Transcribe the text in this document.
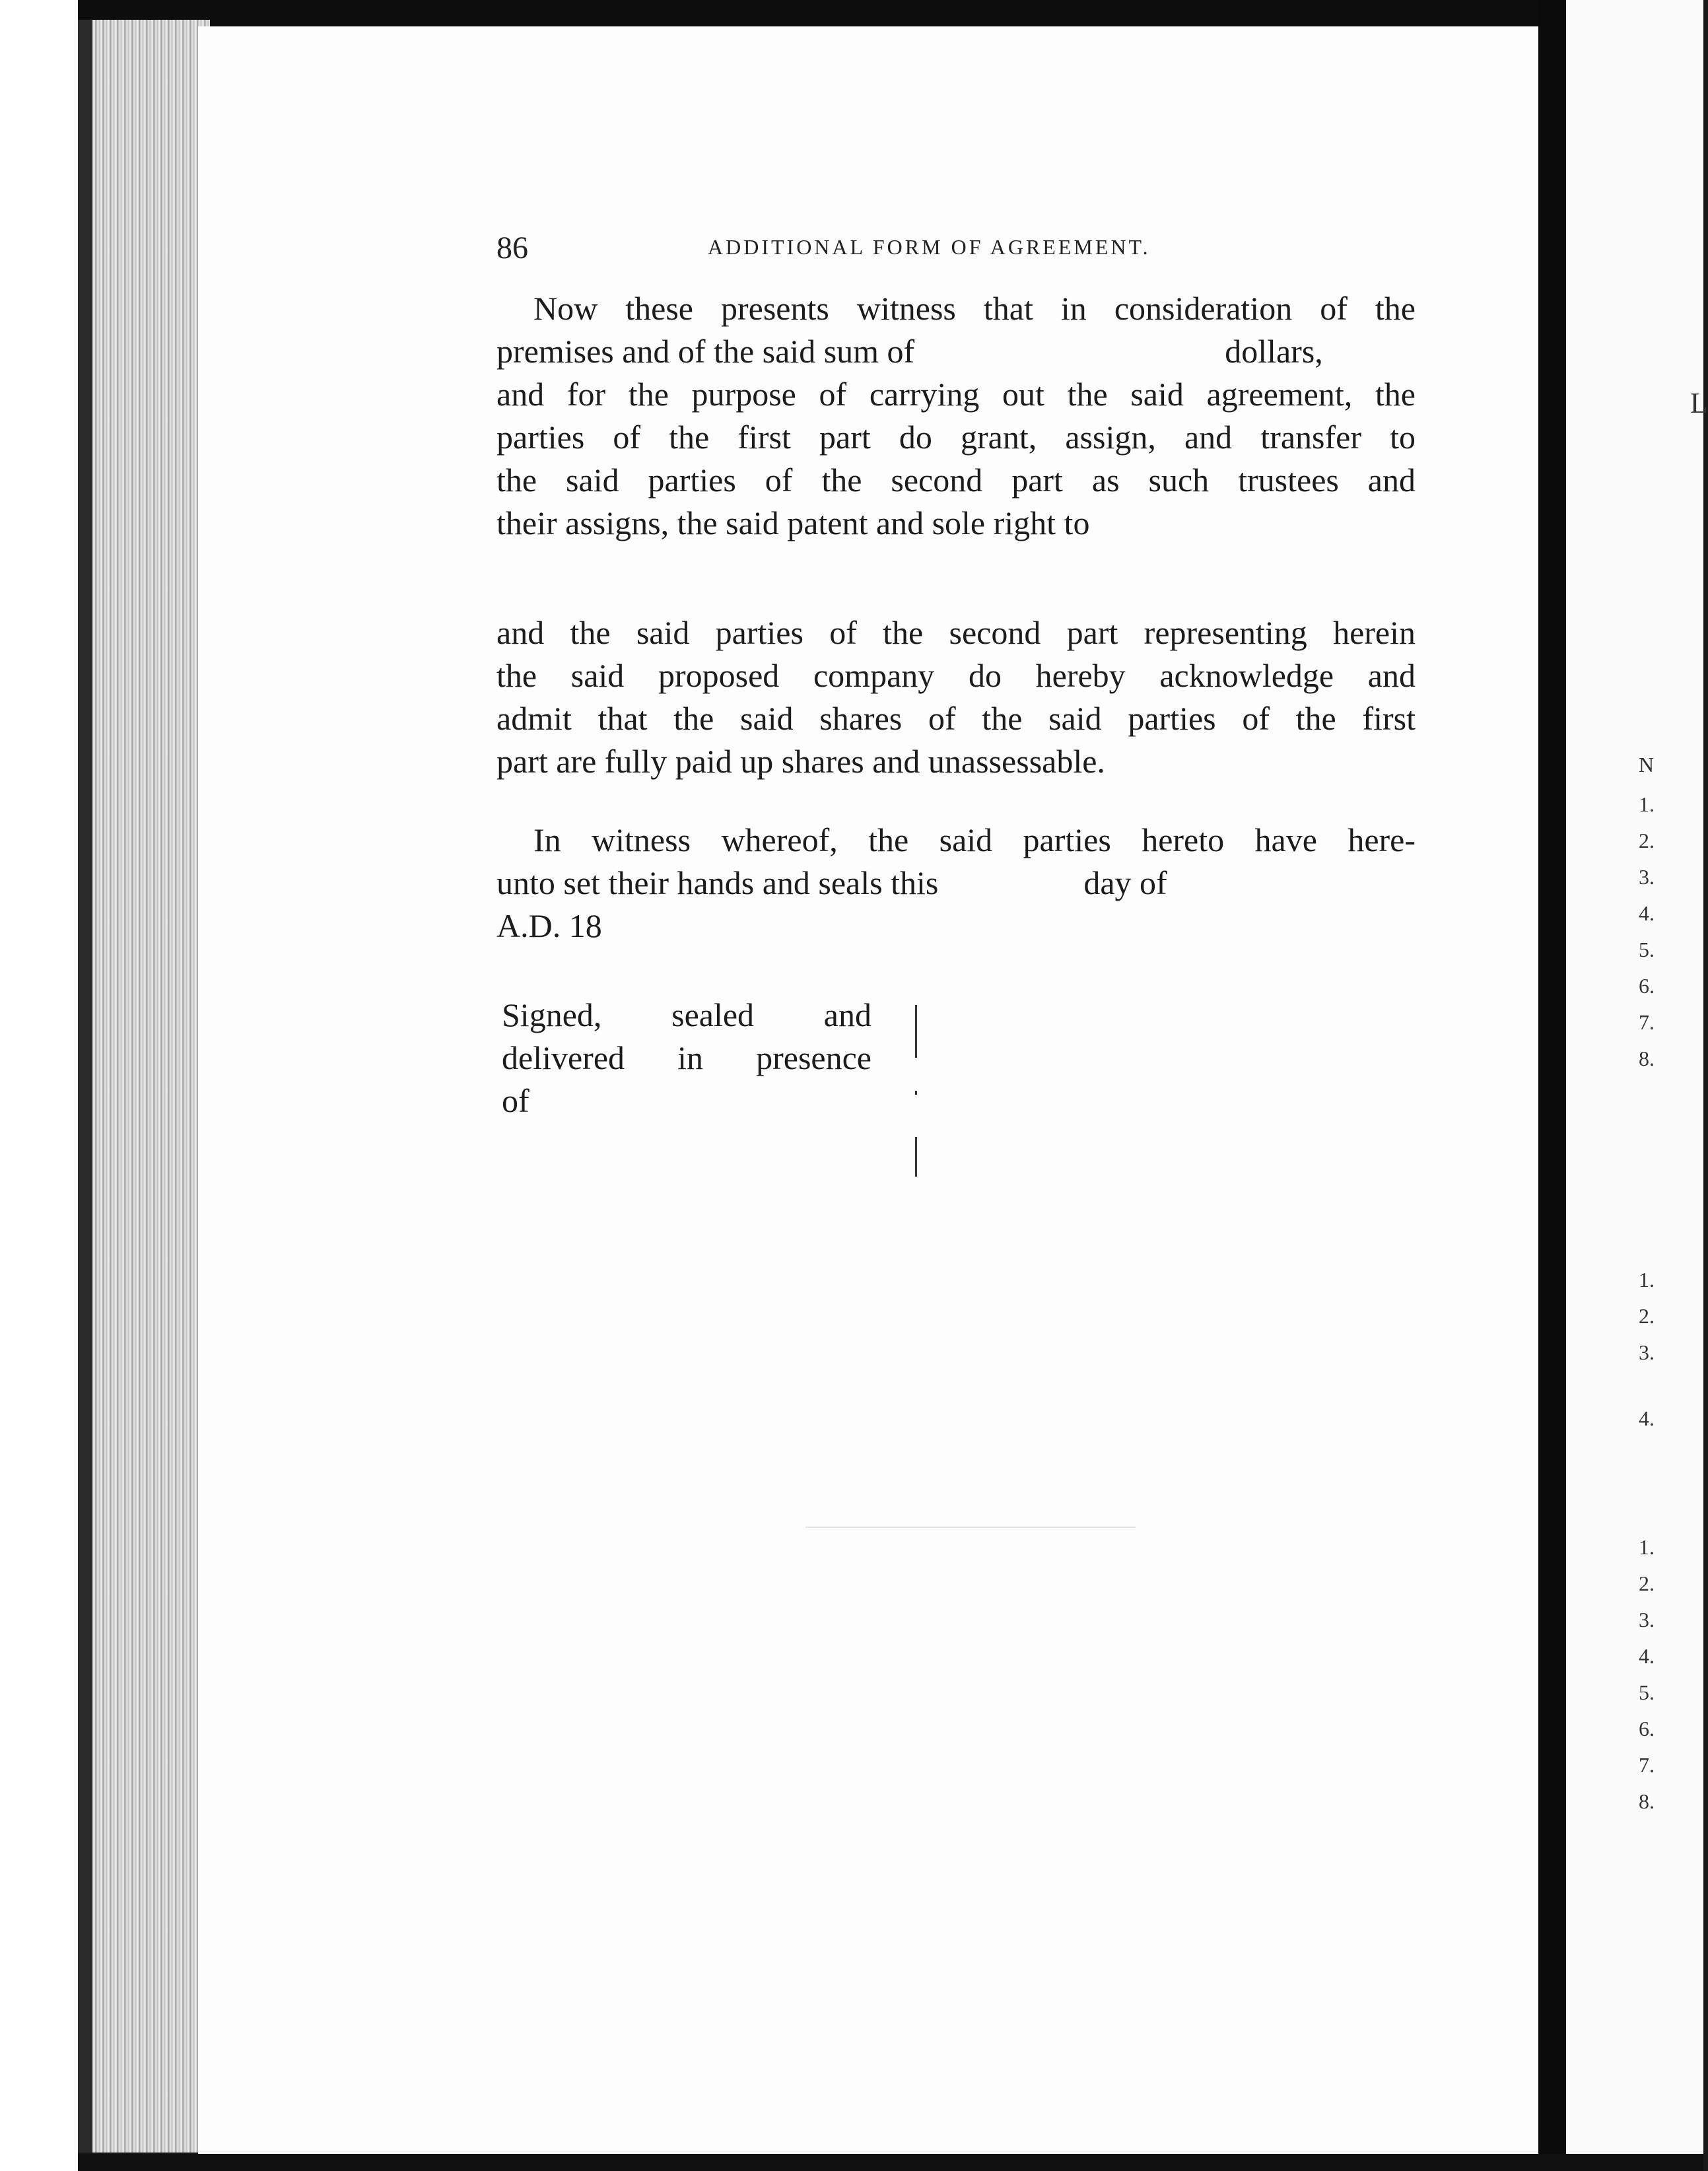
86	ADDITIONAL FORM OF AGREEMENT.
Now these presents witness that in consideration of the
premises and of the said sum of	dollars,
and for the purpose of carrying out the said agreement, the
parties of the first part do grant, assign, and transfer to
the said parties of the second part as such trustees and
their assigns, the said patent and sole right to
and the said parties of the second part representing herein
the said proposed company do hereby acknowledge and
admit that the said shares of the said parties of the first
part are fully paid up shares and unassessable.
In witness whereof, the said parties hereto have here-
unto set their hands and seals this	day of
A.D. 18
Signed, sealed and
delivered in presence
of
L
N
1.
2.
3.
4.
5.
6.
7.
8.
1.
2.
3.
4.
1.
2.
3.
4.
5.
6.
7.
8.
